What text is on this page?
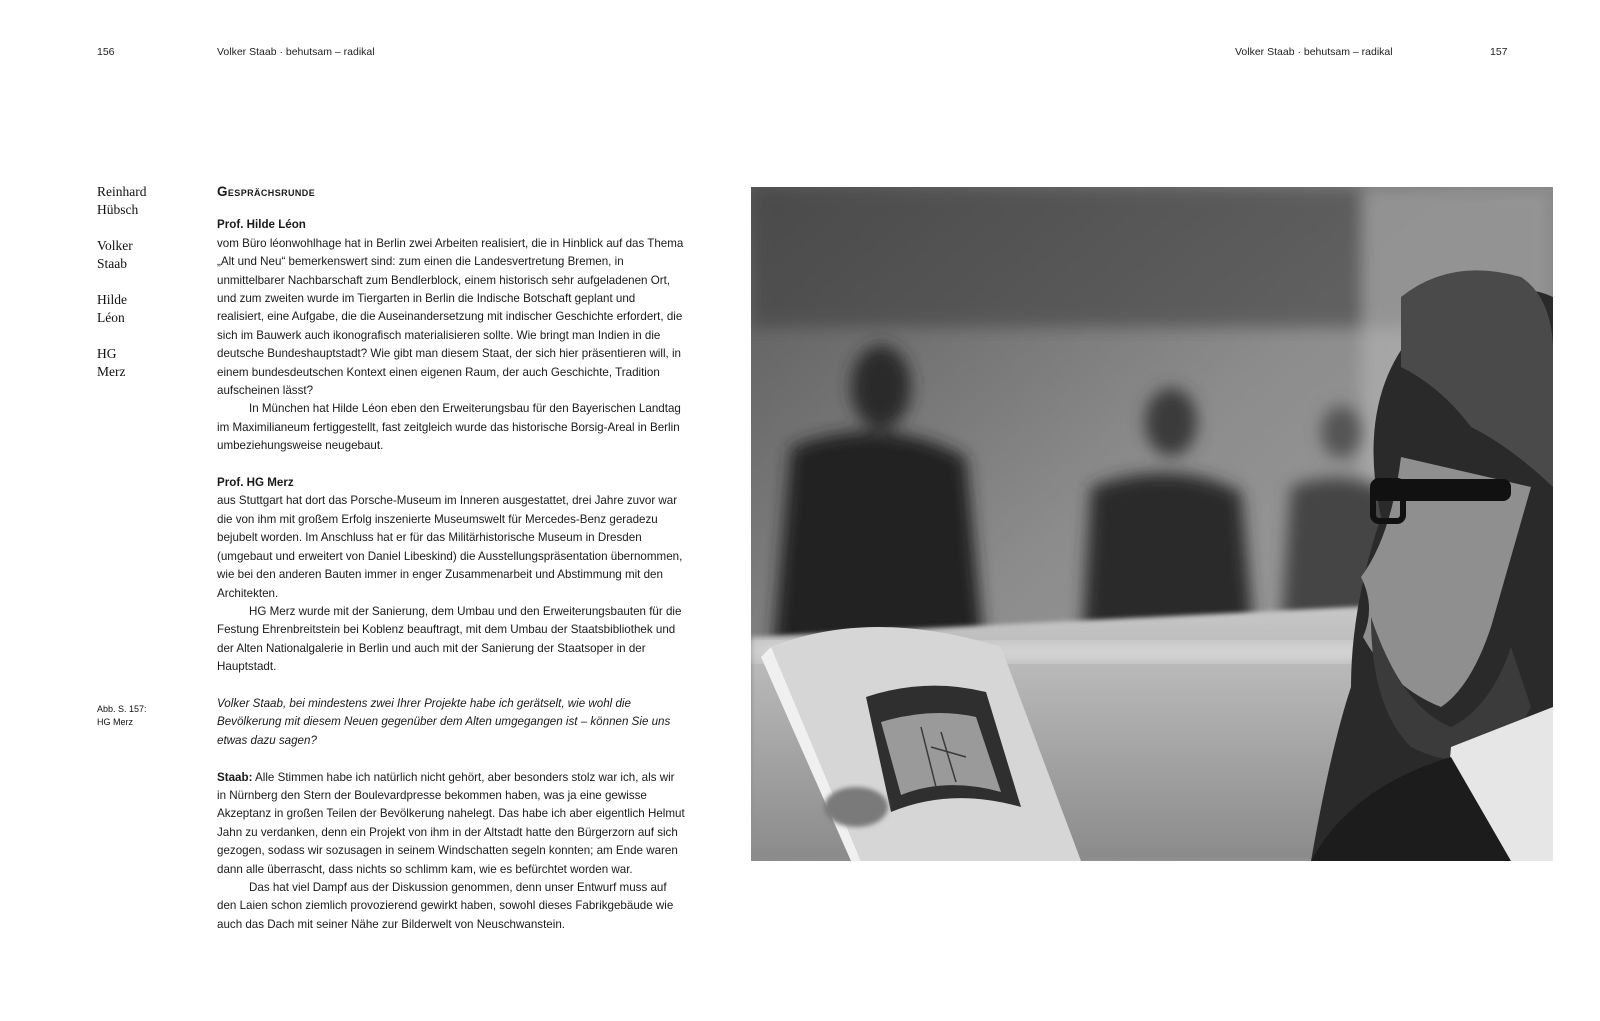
156	Volker Staab · behutsam – radikal	Volker Staab · behutsam – radikal	157
Reinhard
Hübsch
Volker
Staab
Hilde
Léon
HG
Merz
Abb. S. 157:
HG Merz

Gesprächsrunde

Prof. Hilde Léon

vom Büro léonwohlhage hat in Berlin zwei Arbeiten realisiert, die in Hinblick auf das Thema „Alt und Neu“ bemerkenswert sind: zum einen die Landesvertretung Bremen, in unmittelbarer Nachbarschaft zum Bendlerblock, einem historisch sehr aufgeladenen Ort, und zum zweiten wurde im Tiergarten in Berlin die Indische Botschaft geplant und realisiert, eine Aufgabe, die die Auseinandersetzung mit indischer Geschichte erfordert, die sich im Bauwerk auch ikonografisch materialisieren sollte. Wie bringt man Indien in die deutsche Bundeshauptstadt? Wie gibt man diesem Staat, der sich hier präsentieren will, in einem bundesdeutschen Kontext einen eigenen Raum, der auch Geschichte, Tradition aufscheinen lässt?

In München hat Hilde Léon eben den Erweiterungsbau für den Bayerischen Landtag im Maximilianeum fertiggestellt, fast zeitgleich wurde das historische Borsig-Areal in Berlin umbeziehungsweise neugebaut.

Prof. HG Merz

aus Stuttgart hat dort das Porsche-Museum im Inneren ausgestattet, drei Jahre zuvor war die von ihm mit großem Erfolg inszenierte Museumswelt für Mercedes-Benz geradezu bejubelt worden. Im Anschluss hat er für das Militärhistorische Museum in Dresden (umgebaut und erweitert von Daniel Libeskind) die Ausstellungspräsentation übernommen, wie bei den anderen Bauten immer in enger Zusammenarbeit und Abstimmung mit den Architekten.

HG Merz wurde mit der Sanierung, dem Umbau und den Erweiterungsbauten für die Festung Ehrenbreitstein bei Koblenz beauftragt, mit dem Umbau der Staatsbibliothek und der Alten Nationalgalerie in Berlin und auch mit der Sanierung der Staatsoper in der Hauptstadt.

Volker Staab, bei mindestens zwei Ihrer Projekte habe ich gerätselt, wie wohl die Bevölkerung mit diesem Neuen gegenüber dem Alten umgegangen ist – können Sie uns etwas dazu sagen?

Staab: Alle Stimmen habe ich natürlich nicht gehört, aber besonders stolz war ich, als wir in Nürnberg den Stern der Boulevardpresse bekommen haben, was ja eine gewisse Akzeptanz in großen Teilen der Bevölkerung nahelegt. Das habe ich aber eigentlich Helmut Jahn zu verdanken, denn ein Projekt von ihm in der Altstadt hatte den Bürgerzorn auf sich gezogen, sodass wir sozusagen in seinem Windschatten segeln konnten; am Ende waren dann alle überrascht, dass nichts so schlimm kam, wie es befürchtet worden war.

Das hat viel Dampf aus der Diskussion genommen, denn unser Entwurf muss auf den Laien schon ziemlich provozierend gewirkt haben, sowohl dieses Fabrikgebäude wie auch das Dach mit seiner Nähe zur Bilderwelt von Neuschwanstein.
